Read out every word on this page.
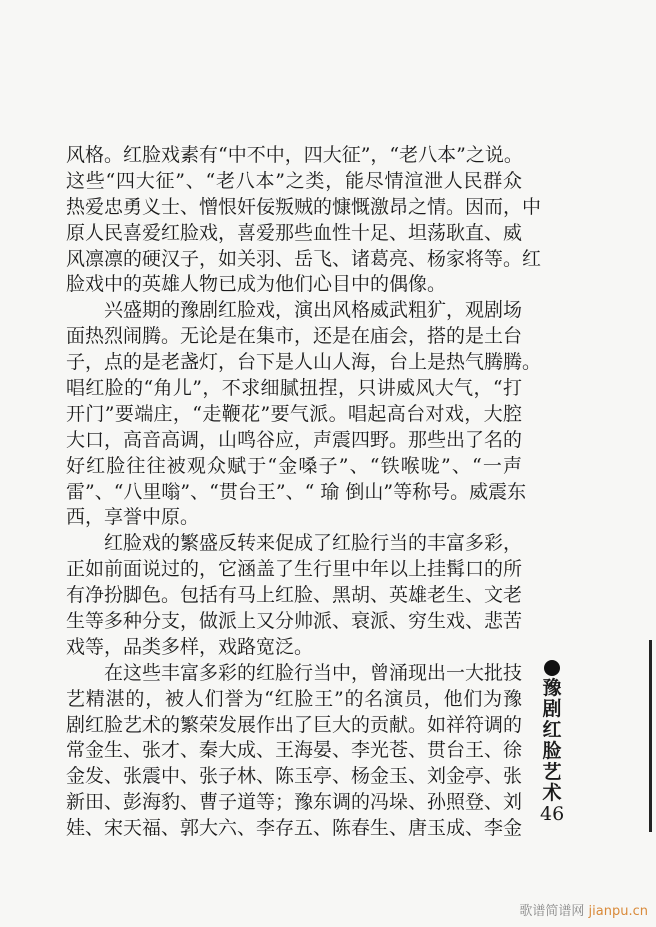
风格。红脸戏素有“中不中，四大征”，“老八本”之说。
这些“四大征”、“老八本”之类，能尽情渲泄人民群众
热爱忠勇义士、憎恨奸佞叛贼的慷慨激昂之情。因而，中
原人民喜爱红脸戏，喜爱那些血性十足、坦荡耿直、威
风凛凛的硬汉子，如关羽、岳飞、诸葛亮、杨家将等。红
脸戏中的英雄人物已成为他们心目中的偶像。
兴盛期的豫剧红脸戏，演出风格威武粗犷，观剧场
面热烈闹腾。无论是在集市，还是在庙会，搭的是土台
子，点的是老盏灯，台下是人山人海，台上是热气腾腾。
唱红脸的“角儿”，不求细腻扭捏，只讲威风大气，“打
开门”要端庄，“走鞭花”要气派。唱起高台对戏，大腔
大口，高音高调，山鸣谷应，声震四野。那些出了名的
好红脸往往被观众赋于“金嗓子”、“铁喉咙”、“一声
雷”、“八里嗡”、“贯台王”、“ 瑜 倒山”等称号。威震东
西，享誉中原。
红脸戏的繁盛反转来促成了红脸行当的丰富多彩，
正如前面说过的，它涵盖了生行里中年以上挂髯口的所
有净扮脚色。包括有马上红脸、黑胡、英雄老生、文老
生等多种分支，做派上又分帅派、衰派、穷生戏、悲苦
戏等，品类多样，戏路宽泛。
在这些丰富多彩的红脸行当中，曾涌现出一大批技
艺精湛的，被人们誉为“红脸王”的名演员，他们为豫
剧红脸艺术的繁荣发展作出了巨大的贡献。如祥符调的
常金生、张才、秦大成、王海晏、李光苍、贯台王、徐
金发、张震中、张子林、陈玉亭、杨金玉、刘金亭、张
新田、彭海豹、曹子道等；豫东调的冯垛、孙照登、刘
娃、宋天福、郭大六、李存五、陈春生、唐玉成、李金
豫
剧
红
脸
艺
术
46
歌谱简谱网 jianpu.cn
